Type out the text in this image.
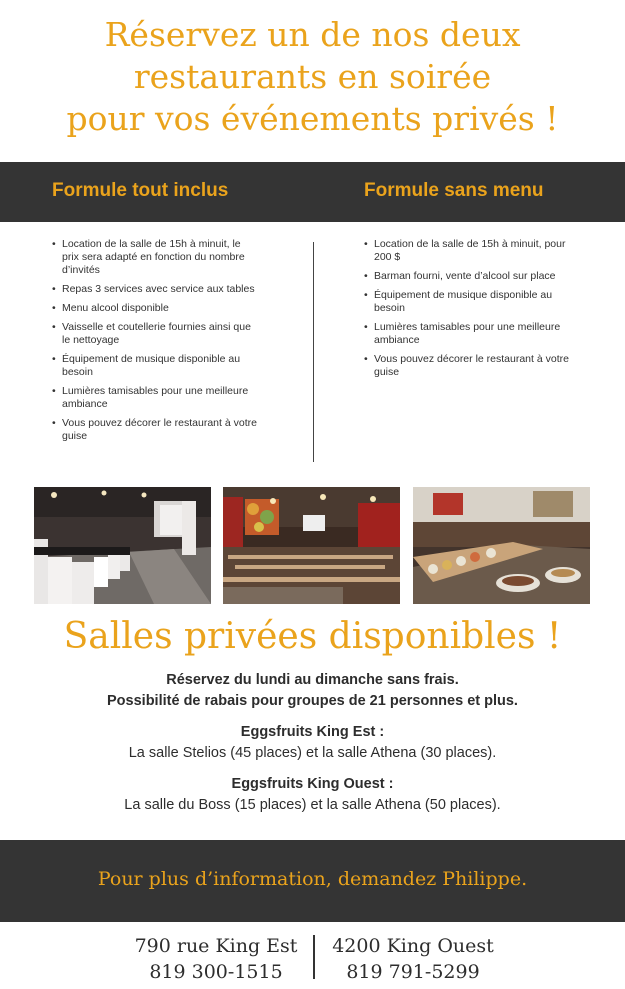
Réservez un de nos deux
restaurants en soirée
pour vos événements privés !
Formule tout inclus	Formule sans menu
• Location de la salle de 15h à minuit, le prix sera adapté en fonction du nombre d’invités
• Repas 3 services avec service aux tables
• Menu alcool disponible
• Vaisselle et coutellerie fournies ainsi que le nettoyage
• Équipement de musique disponible au besoin
• Lumières tamisables pour une meilleure ambiance
• Vous pouvez décorer le restaurant à votre guise
• Location de la salle de 15h à minuit, pour 200 $
• Barman fourni, vente d’alcool sur place
• Équipement de musique disponible au besoin
• Lumières tamisables pour une meilleure ambiance
• Vous pouvez décorer le restaurant à votre guise
Salles privées disponibles !
Réservez du lundi au dimanche sans frais.
Possibilité de rabais pour groupes de 21 personnes et plus.
Eggsfruits King Est :
La salle Stelios (45 places) et la salle Athena (30 places).
Eggsfruits King Ouest :
La salle du Boss (15 places) et la salle Athena (50 places).
Pour plus d’information, demandez Philippe.
790 rue King Est
819 300-1515
4200 King Ouest
819 791-5299
